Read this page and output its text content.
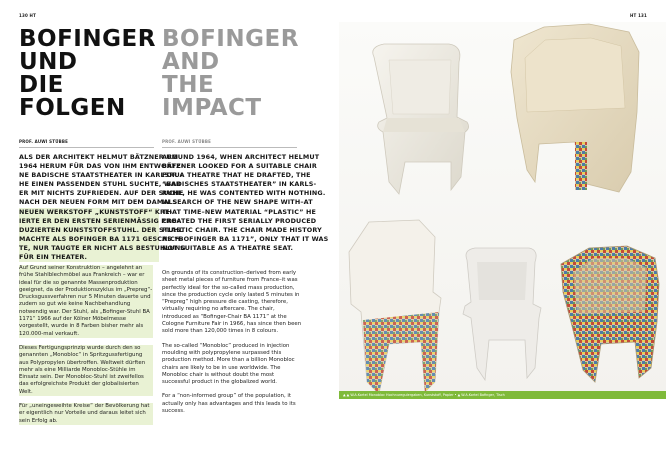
130 HT	HT 131
BOFINGER
UND
DIE
FOLGEN
BOFINGER
AND
THE
IMPACT
PROF. AUWI STÜBBE	PROF. AUWI STÜBBE
ALS DER ARCHITEKT HELMUT BÄTZNER UM
1964 HERUM FÜR DAS VON IHM ENTWORFE-
NE BADISCHE STAATSTHEATER IN KARLSRU-
HE EINEN PASSENDEN STUHL SUCHTE, WAR
ER MIT NICHTS ZUFRIEDEN. AUF DER SUCHE
NACH DER NEUEN FORM MIT DEM DAMALS
NEUEN WERKSTOFF „KUNSTSTOFF“ KRE-
IERTE ER DEN ERSTEN SERIENMÄSSIG PRO-
DUZIERTEN KUNSTSTOFFSTUHL. DER STUHL
MACHTE ALS BOFINGER BA 1171 GESCHICH-
TE, NUR TAUGTE ER NICHT ALS BESTUHLUNG
FÜR EIN THEATER.

Auf Grund seiner Konstruktion – angelehnt an frühe Stahlblechmöbel aus Frankreich – war er ideal für die so genannte Massenproduktion geeignet, da der Produktionszyklus im „Prepreg“-Drucksgussverfahren nur 5 Minuten dauerte und zudem so gut wie keine Nachbehandlung notwendig war. Der Stuhl, als „Bofinger-Stuhl BA 1171“ 1966 auf der Kölner Möbelmesse vorgestellt, wurde in 8 Farben bisher mehr als 120.000-mal verkauft.

Dieses Fertigungsprinzip wurde durch den so genannten „Monobloc“ in Spritzgussfertigung aus Polypropylen übertroffen. Weltweit dürften mehr als eine Milliarde Monobloc-Stühle im Einsatz sein. Der Monobloc-Stuhl ist zweifellos das erfolgreichste Produkt der globalisierten Welt.

Für „uneingeweihte Kreise“ der Bevölkerung hat er eigentlich nur Vorteile und daraus leitet sich sein Erfolg ab.

AROUND 1964, WHEN ARCHITECT HELMUT
BÄTZNER LOOKED FOR A SUITABLE CHAIR
FOR A THEATRE THAT HE DRAFTED, THE
“BADISCHES STAATSTHEATER” IN KARLS-
RUHE, HE WAS CONTENTED WITH NOTHING.
IN SEARCH OF THE NEW SHAPE WITH–AT
THAT TIME–NEW MATERIAL “PLASTIC” HE
CREATED THE FIRST SERIALLY PRODUCED
PLASTIC CHAIR. THE CHAIR MADE HISTORY
AS “BOFINGER BA 1171”, ONLY THAT IT WAS
NOT SUITABLE AS A THEATRE SEAT.

On grounds of its construction–derived from early sheet metal pieces of furniture from France–it was perfectly ideal for the so-called mass production, since the production cycle only lasted 5 minutes in “Prepreg” high pressure die casting, therefore, virtually requiring no aftercare. The chair, introduced as “Bofinger-Chair BA 1171” at the Cologne Furniture Fair in 1966, has since then been sold more than 120,000 times in 8 colours.

The so-called “Monobloc” produced in injection moulding with polypropylene surpassed this production method. More than a billion Monobloc chairs are likely to be in use worldwide. The Monobloc chair is without doubt the most successful product in the globalized world.

For a “non-informed group” of the population, it actually only has advantages and this leads to its success.

▲ ▲ W.A.Kortel Monobloc Hochnuregulergaben, Kunststoff, Papier • ▲ W.A.Kortel Bofinger, Tisch
